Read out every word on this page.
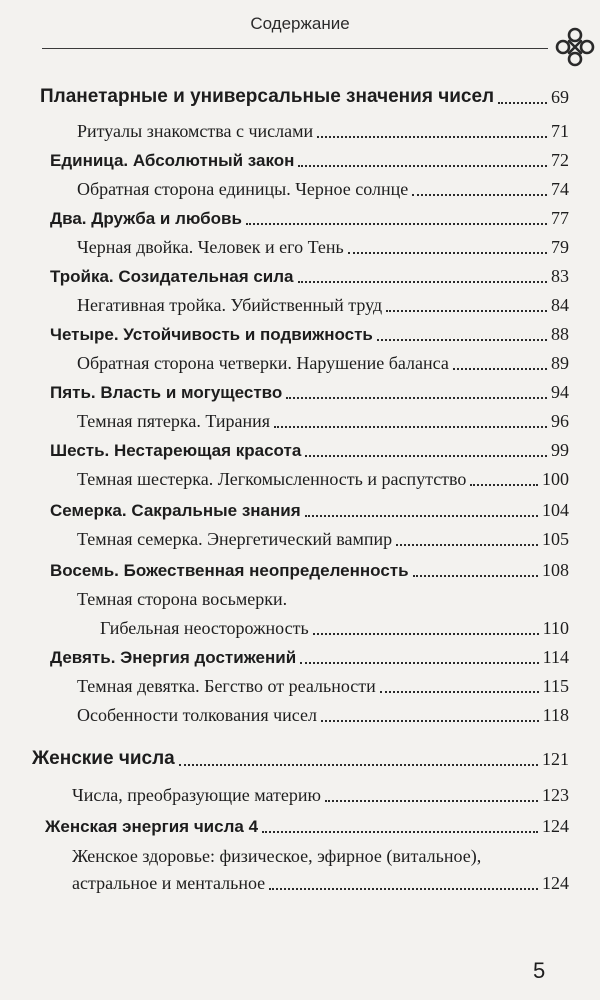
Содержание
Планетарные и универсальные значения чисел	69
Ритуалы знакомства с числами	71
Единица. Абсолютный закон	72
Обратная сторона единицы. Черное солнце	74
Два. Дружба и любовь	77
Черная двойка. Человек и его Тень	79
Тройка. Созидательная сила	83
Негативная тройка. Убийственный труд	84
Четыре. Устойчивость и подвижность	88
Обратная сторона четверки. Нарушение баланса	89
Пять. Власть и могущество	94
Темная пятерка. Тирания	96
Шесть. Нестареющая красота	99
Темная шестерка. Легкомысленность и распутство	100
Семерка. Сакральные знания	104
Темная семерка. Энергетический вампир	105
Восемь. Божественная неопределенность	108
Темная сторона восьмерки.
Гибельная неосторожность	110
Девять. Энергия достижений	114
Темная девятка. Бегство от реальности	115
Особенности толкования чисел	118
Женские числа	121
Числа, преобразующие материю	123
Женская энергия числа 4	124
Женское здоровье: физическое, эфирное (витальное),
астральное и ментальное	124
5
